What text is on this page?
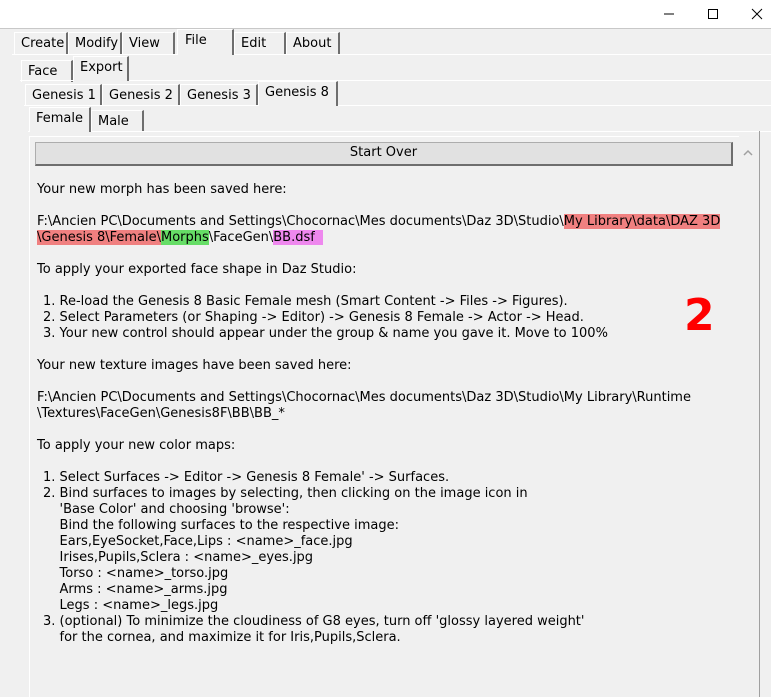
Create Modify View	File	Edit	About
Face	Export
Genesis 1	Genesis 2	Genesis 3	Genesis 8
Female	Male
Start Over
Your new morph has been saved here:
F:\Ancien PC\Documents and Settings\Chocornac\Mes documents\Daz 3D\Studio\My Library\data\DAZ 3D
\Genesis 8\Female\Morphs\FaceGen\BB.dsf
To apply your exported face shape in Daz Studio:
1. Re-load the Genesis 8 Basic Female mesh (Smart Content -> Files -> Figures).
2. Select Parameters (or Shaping -> Editor) -> Genesis 8 Female -> Actor -> Head.
3. Your new control should appear under the group & name you gave it. Move to 100% 2
Your new texture images have been saved here:
F:\Ancien PC\Documents and Settings\Chocornac\Mes documents\Daz 3D\Studio\My Library\Runtime
\Textures\FaceGen\Genesis8F\BB\BB_*
To apply your new color maps:
1. Select Surfaces -> Editor -> Genesis 8 Female' -> Surfaces.
2. Bind surfaces to images by selecting, then clicking on the image icon in
'Base Color' and choosing 'browse':
Bind the following surfaces to the respective image:
Ears,EyeSocket,Face,Lips : <name>_face.jpg
Irises,Pupils,Sclera : <name>_eyes.jpg
Torso : <name>_torso.jpg
Arms : <name>_arms.jpg
Legs : <name>_legs.jpg
3. (optional) To minimize the cloudiness of G8 eyes, turn off 'glossy layered weight'
for the cornea, and maximize it for Iris,Pupils,Sclera.
